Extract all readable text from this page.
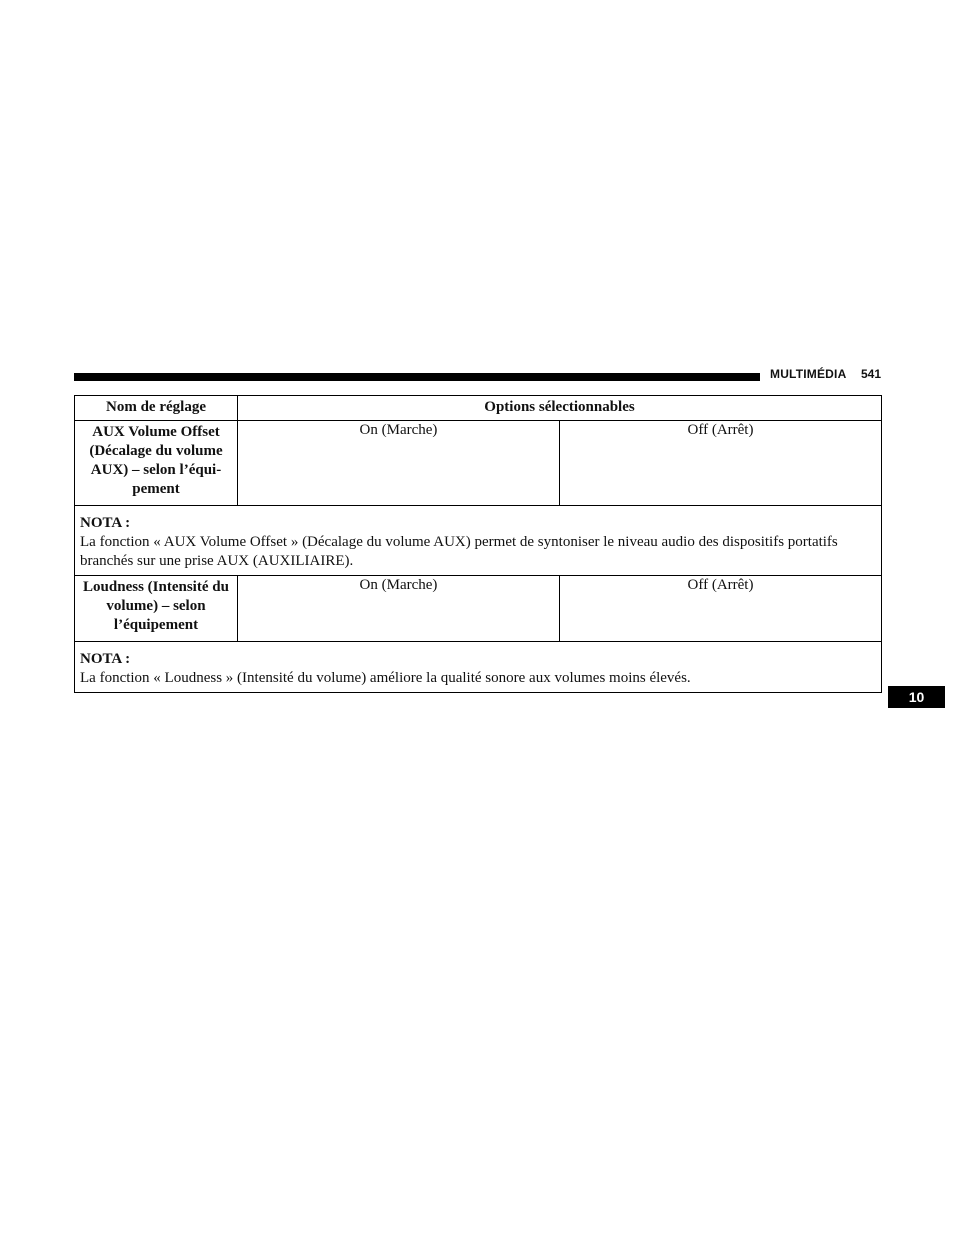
MULTIMÉDIA 541
Nom de réglage	Options sélectionnables	
AUX Volume Offset (Décalage du volume AUX) – selon l’équi-pement	On (Marche)	Off (Arrêt)

NOTA :
La fonction « AUX Volume Offset » (Décalage du volume AUX) permet de syntoniser le niveau audio des dispositifs portatifs branchés sur une prise AUX (AUXILIAIRE).		

Loudness (Intensité du volume) – selon l’équipement	On (Marche)	Off (Arrêt)

NOTA :
La fonction « Loudness » (Intensité du volume) améliore la qualité sonore aux volumes moins élevés.		
10
